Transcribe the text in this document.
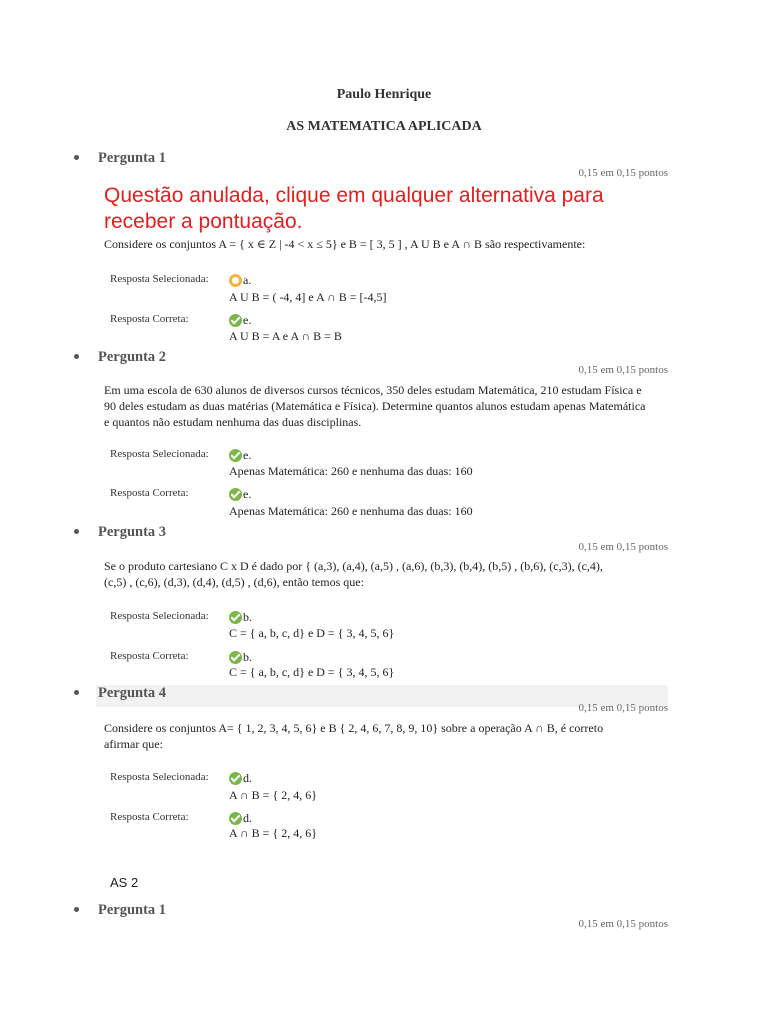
Paulo Henrique
AS MATEMATICA APLICADA
Pergunta 1
0,15 em 0,15 pontos
Questão anulada, clique em qualquer alternativa para receber a pontuação.
Considere os conjuntos A = { x ∈ Z | -4 < x ≤ 5} e B = [ 3, 5 ] , A U B e A ∩ B são respectivamente:
Resposta Selecionada:	a.
A U B = ( -4, 4] e A ∩ B = [-4,5]
Resposta Correta:	e.
A U B = A e A ∩ B = B
Pergunta 2
0,15 em 0,15 pontos
Em uma escola de 630 alunos de diversos cursos técnicos, 350 deles estudam Matemática, 210 estudam Física e 90 deles estudam as duas matérias (Matemática e Física). Determine quantos alunos estudam apenas Matemática e quantos não estudam nenhuma das duas disciplinas.
Resposta Selecionada:	e.
Apenas Matemática: 260 e nenhuma das duas: 160
Resposta Correta:	e.
Apenas Matemática: 260 e nenhuma das duas: 160
Pergunta 3
0,15 em 0,15 pontos
Se o produto cartesiano C x D é dado por { (a,3), (a,4), (a,5) , (a,6), (b,3), (b,4), (b,5) , (b,6), (c,3), (c,4), (c,5) , (c,6), (d,3), (d,4), (d,5) , (d,6), então temos que:
Resposta Selecionada:	b.
C = { a, b, c, d} e D = { 3, 4, 5, 6}
Resposta Correta:	b.
C = { a, b, c, d} e D = { 3, 4, 5, 6}
Pergunta 4
0,15 em 0,15 pontos
Considere os conjuntos A= { 1, 2, 3, 4, 5, 6} e B { 2, 4, 6, 7, 8, 9, 10} sobre a operação A ∩ B, é correto afirmar que:
Resposta Selecionada:	d.
A ∩ B = { 2, 4, 6}
Resposta Correta:	d.
A ∩ B = { 2, 4, 6}
AS 2
Pergunta 1
0,15 em 0,15 pontos
